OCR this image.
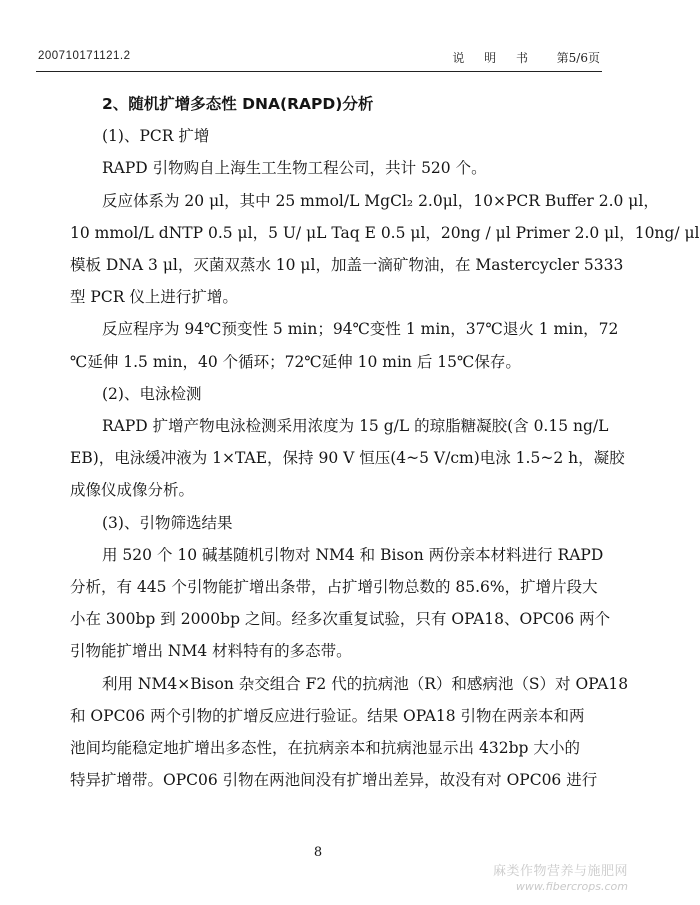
200710171121.2	说 明 书 第5/6页
2、随机扩增多态性 DNA(RAPD)分析
(1)、PCR 扩增
RAPD 引物购自上海生工生物工程公司，共计 520 个。
反应体系为 20 μl，其中 25 mmol/L MgCl₂ 2.0μl，10×PCR Buffer 2.0 μl，
10 mmol/L dNTP 0.5 μl，5 U/ μL Taq E 0.5 μl，20ng / μl Primer 2.0 μl，10ng/ μl
模板 DNA 3 μl，灭菌双蒸水 10 μl，加盖一滴矿物油，在 Mastercycler 5333
型 PCR 仪上进行扩增。
反应程序为 94℃预变性 5 min；94℃变性 1 min，37℃退火 1 min，72
℃延伸 1.5 min，40 个循环；72℃延伸 10 min 后 15℃保存。
(2)、电泳检测
RAPD 扩增产物电泳检测采用浓度为 15 g/L 的琼脂糖凝胶(含 0.15 ng/L
EB)，电泳缓冲液为 1×TAE，保持 90 V 恒压(4~5 V/cm)电泳 1.5~2 h，凝胶
成像仪成像分析。
(3)、引物筛选结果
用 520 个 10 碱基随机引物对 NM4 和 Bison 两份亲本材料进行 RAPD
分析，有 445 个引物能扩增出条带，占扩增引物总数的 85.6%，扩增片段大
小在 300bp 到 2000bp 之间。经多次重复试验，只有 OPA18、OPC06 两个
引物能扩增出 NM4 材料特有的多态带。
利用 NM4×Bison 杂交组合 F2 代的抗病池（R）和感病池（S）对 OPA18
和 OPC06 两个引物的扩增反应进行验证。结果 OPA18 引物在两亲本和两
池间均能稳定地扩增出多态性，在抗病亲本和抗病池显示出 432bp 大小的
特异扩增带。OPC06 引物在两池间没有扩增出差异，故没有对 OPC06 进行
8
麻类作物营养与施肥网
www.fibercrops.com
